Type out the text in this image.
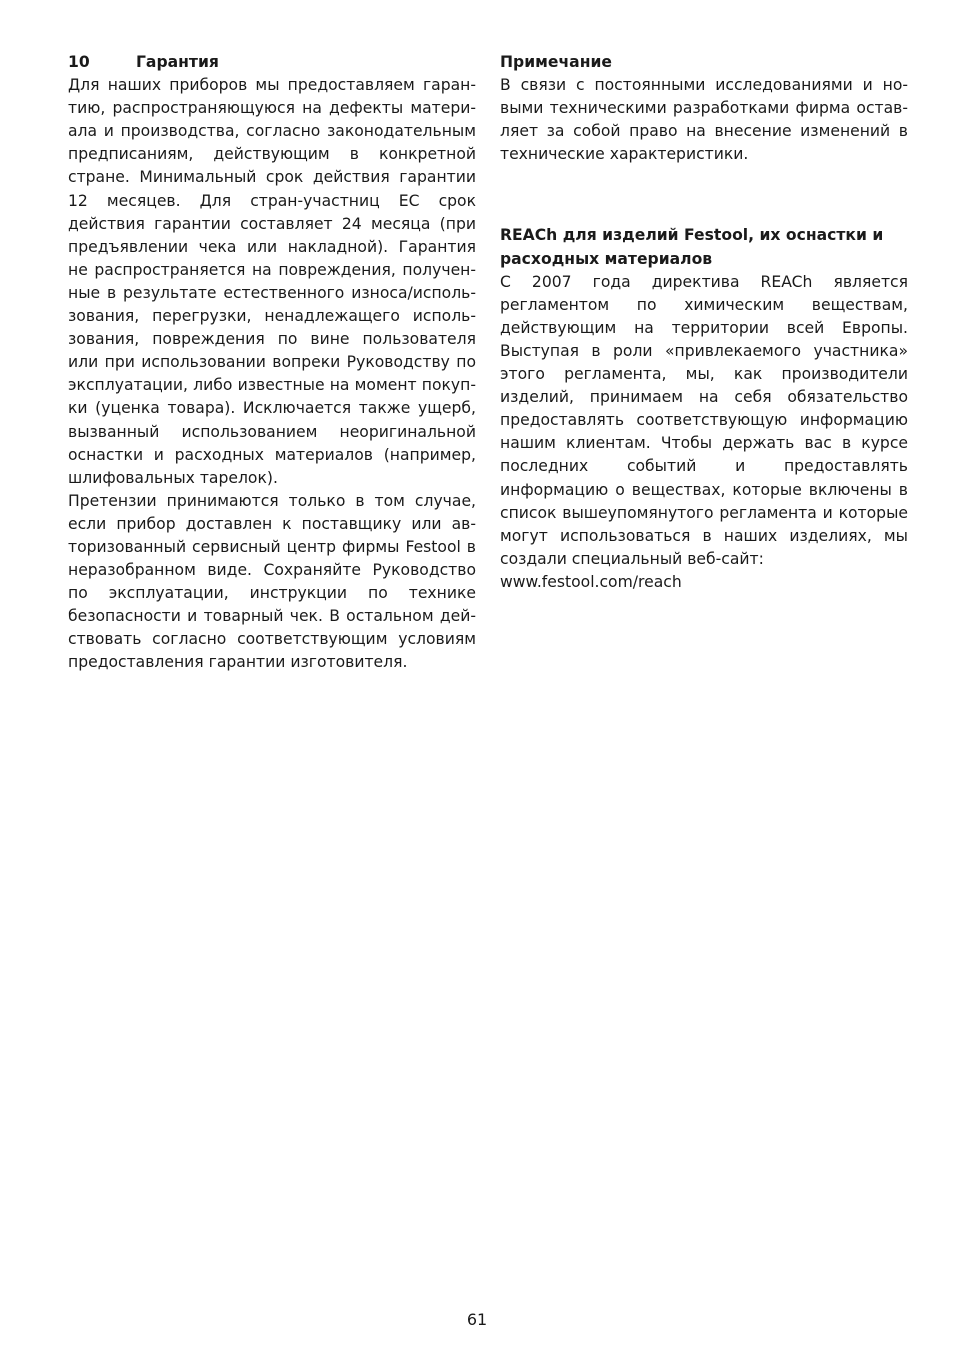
10	Гарантия

Для наших приборов мы предоставляем гарантию, распространяющуюся на дефекты материала и производства, согласно законодательным предписаниям, действующим в конкретной стране. Минимальный срок действия гарантии 12 месяцев. Для стран-участниц ЕС срок действия гарантии составляет 24 месяца (при предъявлении чека или накладной). Гарантия не распространяется на повреждения, полученные в результате естественного износа/использования, перегрузки, ненадлежащего использования, повреждения по вине пользователя или при использовании вопреки Руководству по эксплуатации, либо известные на момент покупки (уценка товара). Исключается также ущерб, вызванный использованием неоригинальной оснастки и расходных материалов (например, шлифовальных тарелок).

Претензии принимаются только в том случае, если прибор доставлен к поставщику или авторизованный сервисный центр фирмы Festool в неразобранном виде. Сохраняйте Руководство по эксплуатации, инструкции по технике безопасности и товарный чек. В остальном действовать согласно соответствующим условиям предоставления гарантии изготовителя.

Примечание

В связи с постоянными исследованиями и новыми техническими разработками фирма оставляет за собой право на внесение изменений в технические характеристики.

REACh для изделий Festool, их оснастки и расходных материалов

С 2007 года директива REACh является регламентом по химическим веществам, действующим на территории всей Европы. Выступая в роли «привлекаемого участника» этого регламента, мы, как производители изделий, принимаем на себя обязательство предоставлять соответствующую информацию нашим клиентам. Чтобы держать вас в курсе последних событий и предоставлять информацию о веществах, которые включены в список вышеупомянутого регламента и которые могут использоваться в наших изделиях, мы создали специальный веб-сайт:

www.festool.com/reach

61
